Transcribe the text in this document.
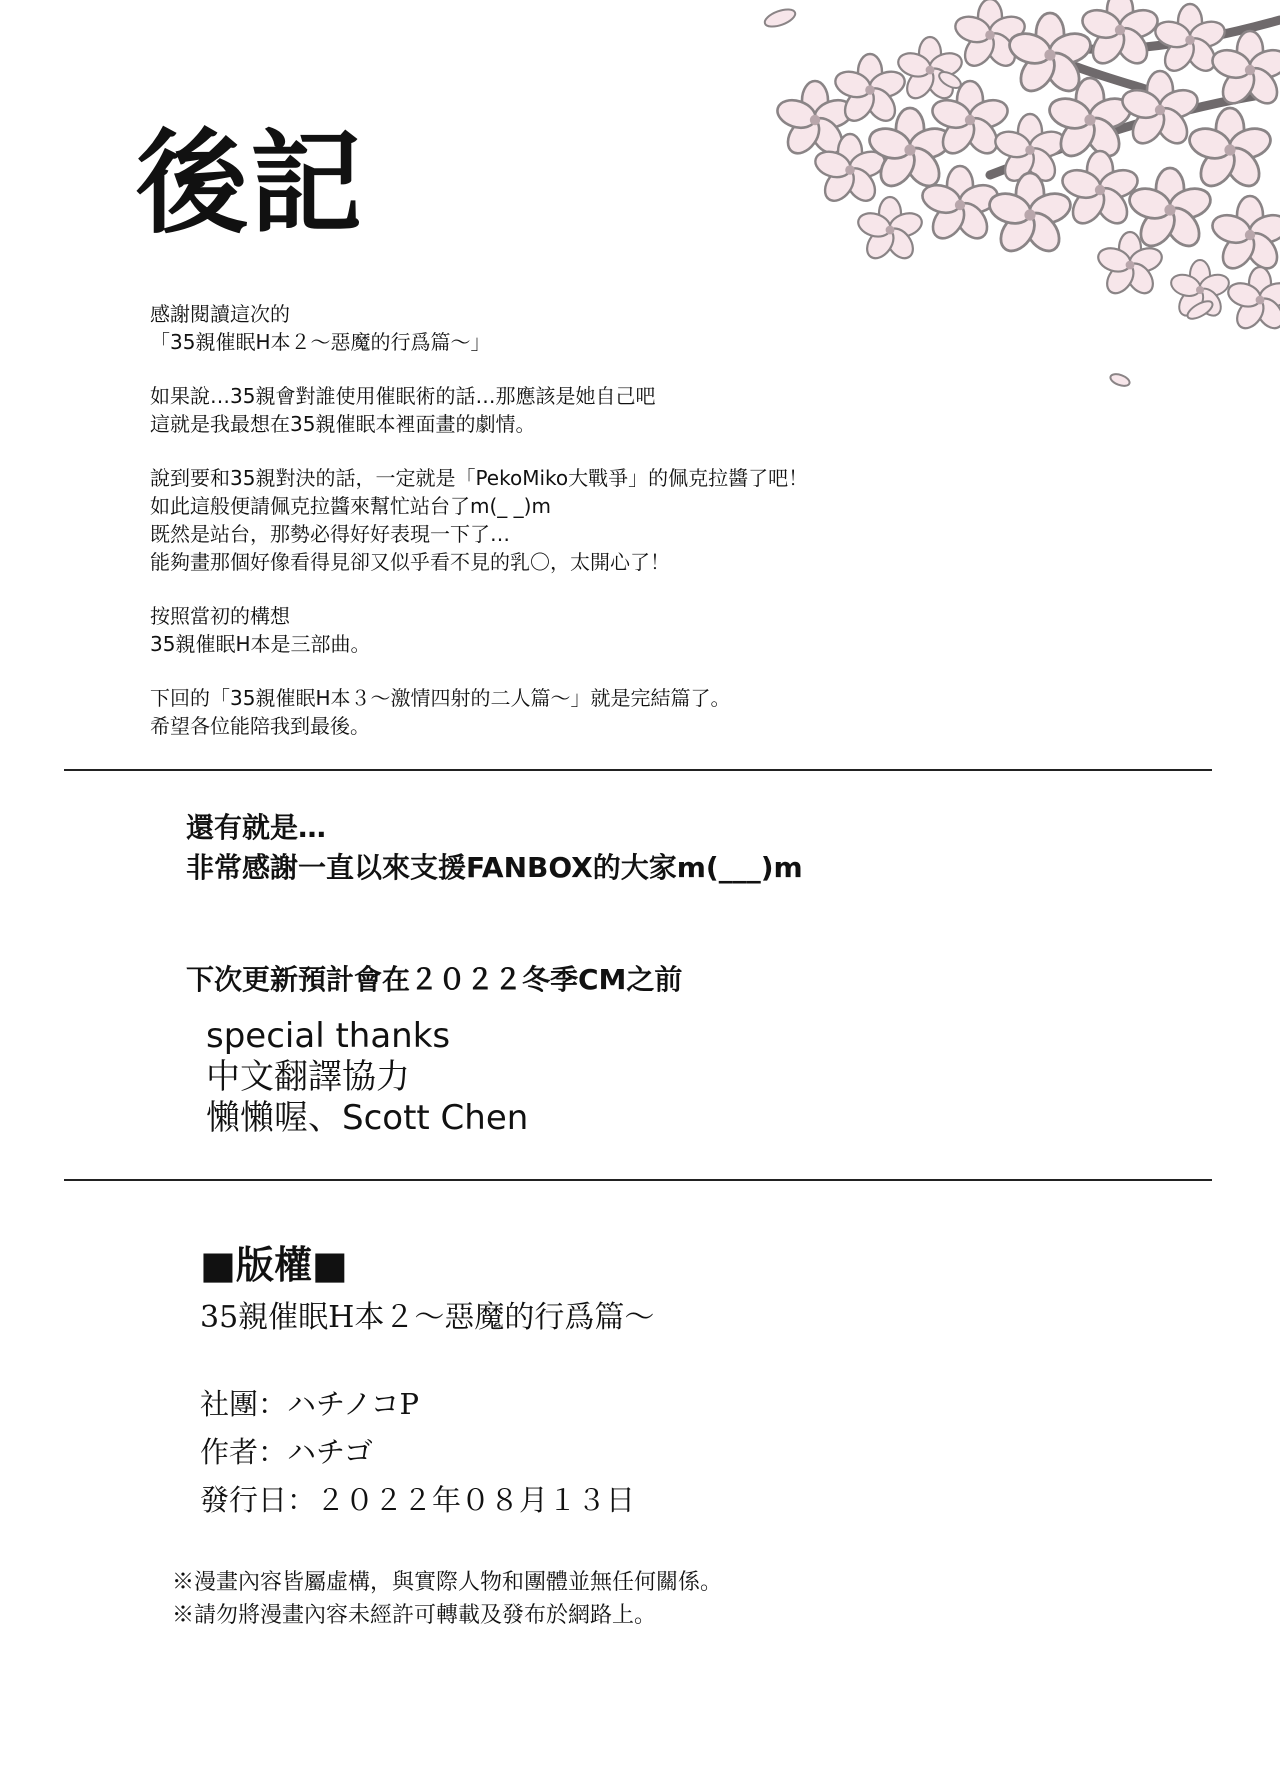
後記

感謝閱讀這次的
「35親催眠H本２～惡魔的行爲篇～」

如果說…35親會對誰使用催眠術的話…那應該是她自己吧
這就是我最想在35親催眠本裡面畫的劇情。

說到要和35親對決的話，一定就是「PekoMiko大戰爭」的佩克拉醬了吧！
如此這般便請佩克拉醬來幫忙站台了m(_ _)m
既然是站台，那勢必得好好表現一下了…
能夠畫那個好像看得見卻又似乎看不見的乳〇，太開心了！

按照當初的構想
35親催眠H本是三部曲。

下回的「35親催眠H本３～激情四射的二人篇～」就是完結篇了。
希望各位能陪我到最後。

還有就是…
非常感謝一直以來支援FANBOX的大家m(___)m
下次更新預計會在２０２２冬季CM之前
special thanks
中文翻譯協力
懶懶喔、Scott Chen
■版權■
35親催眠H本２～惡魔的行爲篇～
社團：ハチノコP
作者：ハチゴ
發行日：２０２２年０８月１３日
※漫畫內容皆屬虛構，與實際人物和團體並無任何關係。
※請勿將漫畫內容未經許可轉載及發布於網路上。
